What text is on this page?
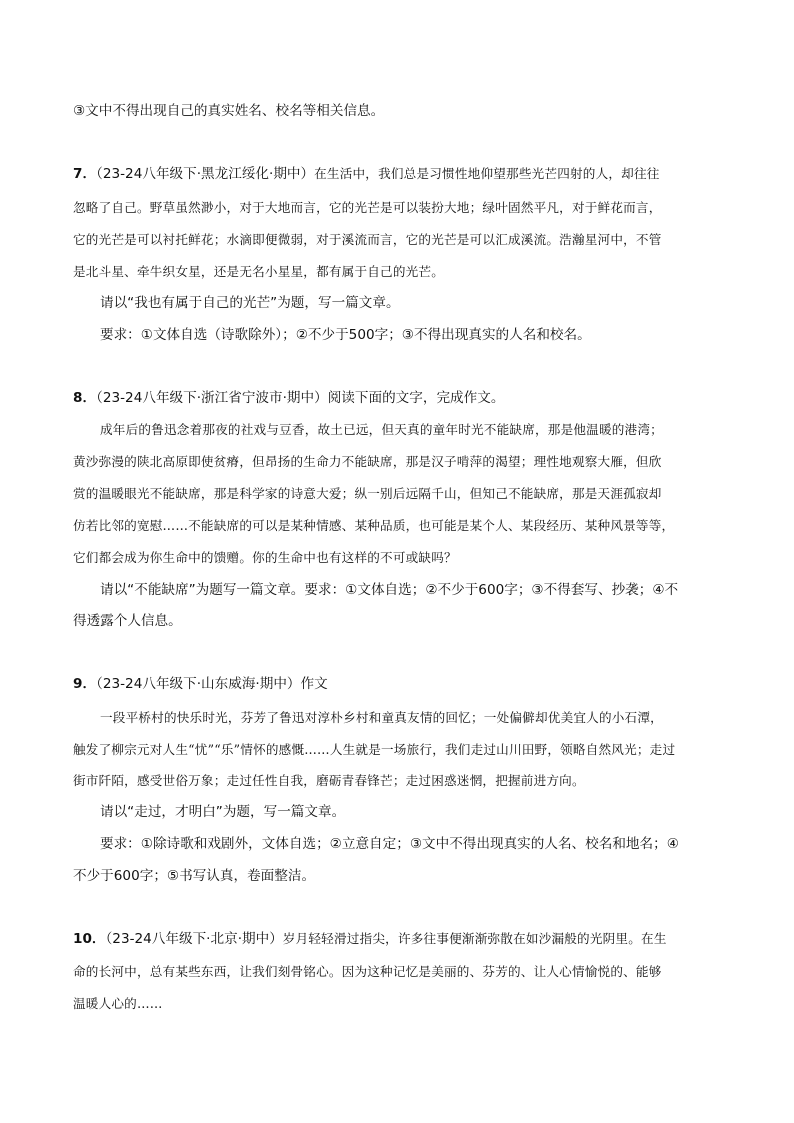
③文中不得出现自己的真实姓名、校名等相关信息。
7．（23-24八年级下·黑龙江绥化·期中）在生活中，我们总是习惯性地仰望那些光芒四射的人，却往往
忽略了自己。野草虽然渺小，对于大地而言，它的光芒是可以装扮大地；绿叶固然平凡，对于鲜花而言，
它的光芒是可以衬托鲜花；水滴即便微弱，对于溪流而言，它的光芒是可以汇成溪流。浩瀚星河中，不管
是北斗星、牵牛织女星，还是无名小星星，都有属于自己的光芒。
请以“我也有属于自己的光芒”为题，写一篇文章。
要求：①文体自选（诗歌除外）；②不少于500字；③不得出现真实的人名和校名。
8．（23-24八年级下·浙江省宁波市·期中）阅读下面的文字，完成作文。
成年后的鲁迅念着那夜的社戏与豆香，故土已远，但天真的童年时光不能缺席，那是他温暖的港湾；
黄沙弥漫的陕北高原即使贫瘠，但昂扬的生命力不能缺席，那是汉子啃萍的渴望；理性地观察大雁，但欣
赏的温暖眼光不能缺席，那是科学家的诗意大爱；纵一别后远隔千山，但知己不能缺席，那是天涯孤寂却
仿若比邻的宽慰……不能缺席的可以是某种情感、某种品质，也可能是某个人、某段经历、某种风景等等，
它们都会成为你生命中的馈赠。你的生命中也有这样的不可或缺吗？
请以“不能缺席”为题写一篇文章。要求：①文体自选；②不少于600字；③不得套写、抄袭；④不
得透露个人信息。
9．（23-24八年级下·山东威海·期中）作文
一段平桥村的快乐时光，芬芳了鲁迅对淳朴乡村和童真友情的回忆；一处偏僻却优美宜人的小石潭，
触发了柳宗元对人生“忧”“乐”情怀的感慨……人生就是一场旅行，我们走过山川田野，领略自然风光；走过
街市阡陌，感受世俗万象；走过任性自我，磨砺青春锋芒；走过困惑迷惘，把握前进方向。
请以“走过，才明白”为题，写一篇文章。
要求：①除诗歌和戏剧外，文体自选；②立意自定；③文中不得出现真实的人名、校名和地名；④
不少于600字；⑤书写认真，卷面整洁。
10．（23-24八年级下·北京·期中）岁月轻轻滑过指尖，许多往事便渐渐弥散在如沙漏般的光阴里。在生
命的长河中，总有某些东西，让我们刻骨铭心。因为这种记忆是美丽的、芬芳的、让人心情愉悦的、能够
温暖人心的……
